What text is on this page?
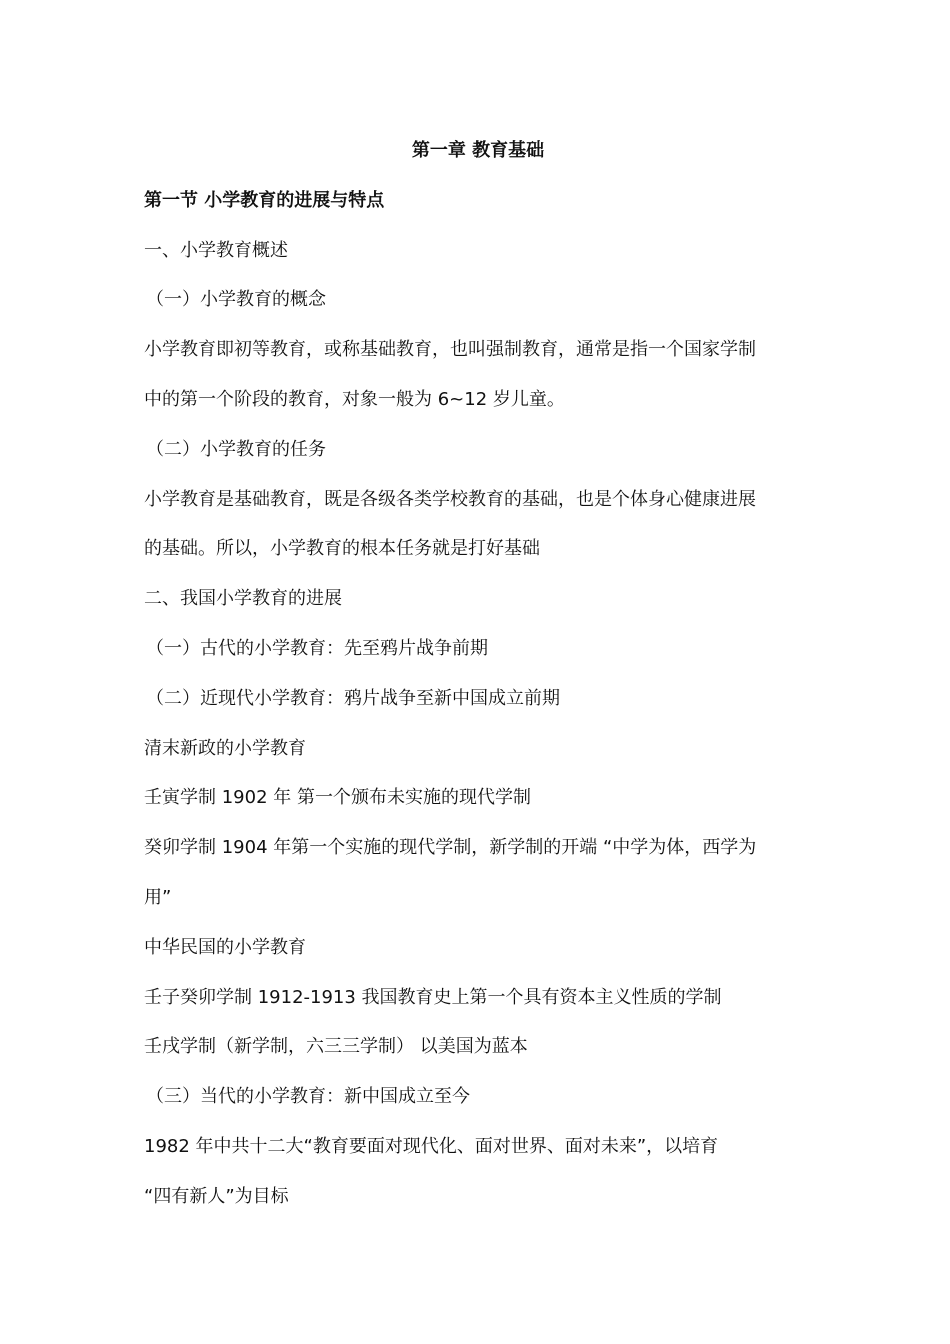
第一章 教育基础
第一节 小学教育的进展与特点
一、小学教育概述
（一）小学教育的概念
小学教育即初等教育，或称基础教育，也叫强制教育，通常是指一个国家学制
中的第一个阶段的教育，对象一般为 6~12 岁儿童。
（二）小学教育的任务
小学教育是基础教育，既是各级各类学校教育的基础，也是个体身心健康进展
的基础。所以，小学教育的根本任务就是打好基础
二、我国小学教育的进展
（一）古代的小学教育：先至鸦片战争前期
（二）近现代小学教育：鸦片战争至新中国成立前期
清末新政的小学教育
壬寅学制 1902 年 第一个颁布未实施的现代学制
癸卯学制 1904 年第一个实施的现代学制，新学制的开端 “中学为体，西学为
用”
中华民国的小学教育
壬子癸卯学制 1912-1913 我国教育史上第一个具有资本主义性质的学制
壬戌学制（新学制，六三三学制） 以美国为蓝本
（三）当代的小学教育：新中国成立至今
1982 年中共十二大“教育要面对现代化、面对世界、面对未来”，以培育
“四有新人”为目标
